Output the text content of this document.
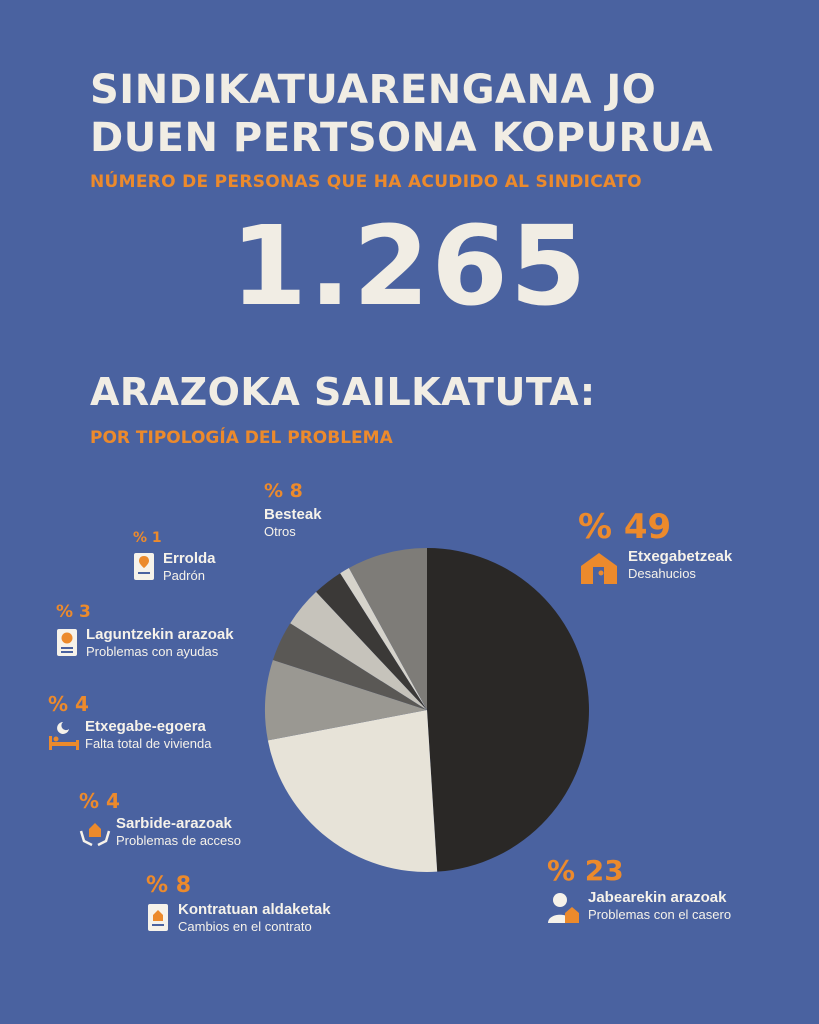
SINDIKATUARENGANA JO
DUEN PERTSONA KOPURUA
NÚMERO DE PERSONAS QUE HA ACUDIDO AL SINDICATO
1.265
ARAZOKA SAILKATUTA:
POR TIPOLOGÍA DEL PROBLEMA
% 49
Etxegabetzeak
Desahucios
% 23
Jabearekin arazoak
Problemas con el casero
% 8
Kontratuan aldaketak
Cambios en el contrato
% 4
Sarbide-arazoak
Problemas de acceso
% 4
Etxegabe-egoera
Falta total de vivienda
% 3
Laguntzekin arazoak
Problemas con ayudas
% 1
Errolda
Padrón
% 8
Besteak
Otros
